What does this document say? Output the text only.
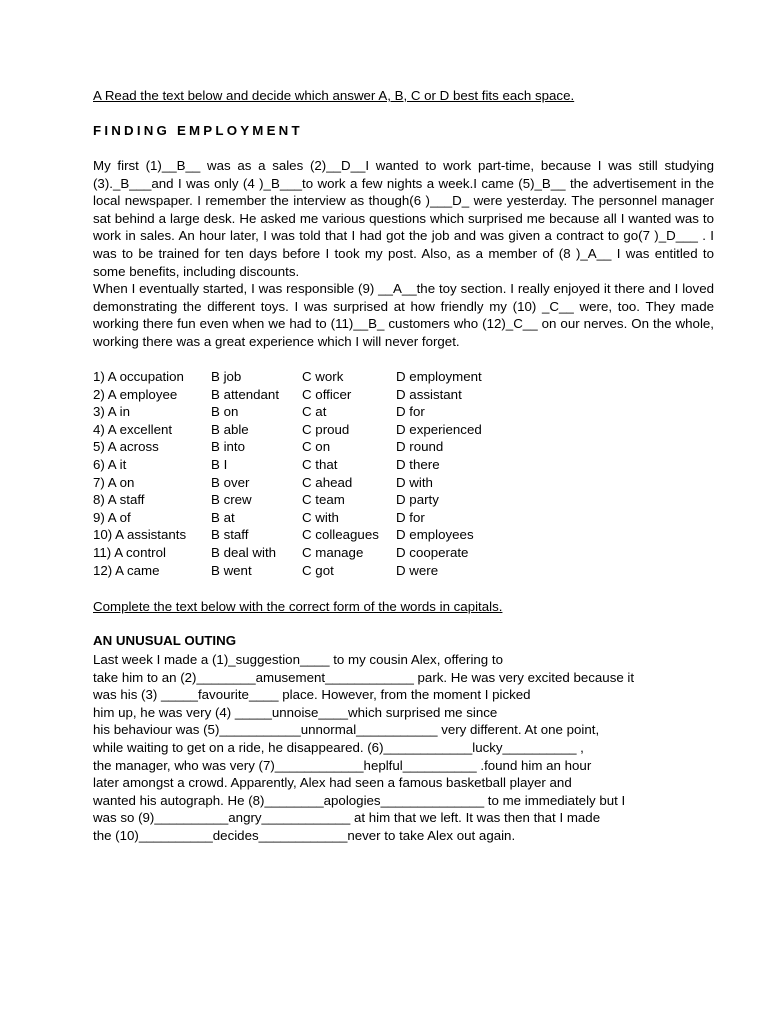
A Read the text below and decide which answer A, B, C or D best fits each space.
FINDING EMPLOYMENT

My first (1)__B__ was as a sales (2)__D__I wanted to work part-time, because I was still studying (3)._B___and I was only (4 )_B___to work a few nights a week.I came (5)_B__ the advertisement in the local newspaper. I remember the interview as though(6 )___D_ were yesterday. The personnel manager sat behind a large desk. He asked me various questions which surprised me because all I wanted was to work in sales. An hour later, I was told that I had got the job and was given a contract to go(7 )_D___ . I was to be trained for ten days before I took my post. Also, as a member of (8 )_A__ I was entitled to some benefits, including discounts.

When I eventually started, I was responsible (9) __A__the toy section. I really enjoyed it there and I loved demonstrating the different toys. I was surprised at how friendly my (10) _C__ were, too. They made working there fun even when we had to (11)__B_ customers who (12)_C__ on our nerves. On the whole, working there was a great experience which I will never forget.

1) A occupation B job	C work	D employment
2) A employee	B attendant C officer	D assistant
3) A in	B on	C at	D for
4) A excellent	B able	C proud	D experienced
5) A across	B into	C on	D round
6) A it	B I	C that	D there
7) A on	B over	C ahead	D with
8) A staff	B crew	C team	D party
9) A of	B at	C with	D for
10) A assistants B staff	C colleagues D employees
11) A control	B deal with C manage D cooperate
12) A came	B went	C got	D were
Complete the text below with the correct form of the words in capitals.
AN UNUSUAL OUTING
Last week I made a (1)_suggestion____ to my cousin Alex, offering to
take him to an (2)________amusement____________ park. He was very excited because it
was his (3) _____favourite____ place. However, from the moment I picked
him up, he was very (4) _____unnoise____which surprised me since
his behaviour was (5)___________unnormal___________ very different. At one point,
while waiting to get on a ride, he disappeared. (6)____________lucky__________ ,
the manager, who was very (7)____________heplful__________ .found him an hour
later amongst a crowd. Apparently, Alex had seen a famous basketball player and
wanted his autograph. He (8)________apologies______________ to me immediately but I
was so (9)__________angry____________ at him that we left. It was then that I made
the (10)__________decides____________never to take Alex out again.
